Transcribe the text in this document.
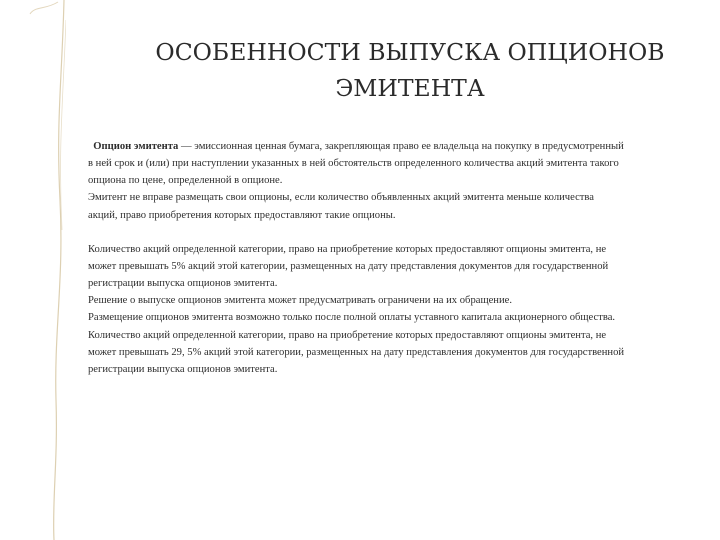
ОСОБЕННОСТИ ВЫПУСКА ОПЦИОНОВ
ЭМИТЕНТА

Опцион эмитента — эмиссионная ценная бумага, закрепляющая право ее владельца на покупку в предусмотренный в ней срок и (или) при наступлении указанных в ней обстоятельств определенного количества акций эмитента такого опциона по цене, определенной в опционе.

Эмитент не вправе размещать свои опционы, если количество объявленных акций эмитента меньше количества акций, право приобретения которых предоставляют такие опционы.

Количество акций определенной категории, право на приобретение которых предоставляют опционы эмитента, не может превышать 5% акций этой категории, размещенных на дату представления документов для государственной регистрации выпуска опционов эмитента.

Решение о выпуске опционов эмитента может предусматривать ограничени на их обращение.

Размещение опционов эмитента возможно только после полной оплаты уставного капитала акционерного общества. Количество акций определенной категории, право на приобретение которых предоставляют опционы эмитента, не может превышать 29, 5% акций этой категории, размещенных на дату представления документов для государственной регистрации выпуска опционов эмитента.
